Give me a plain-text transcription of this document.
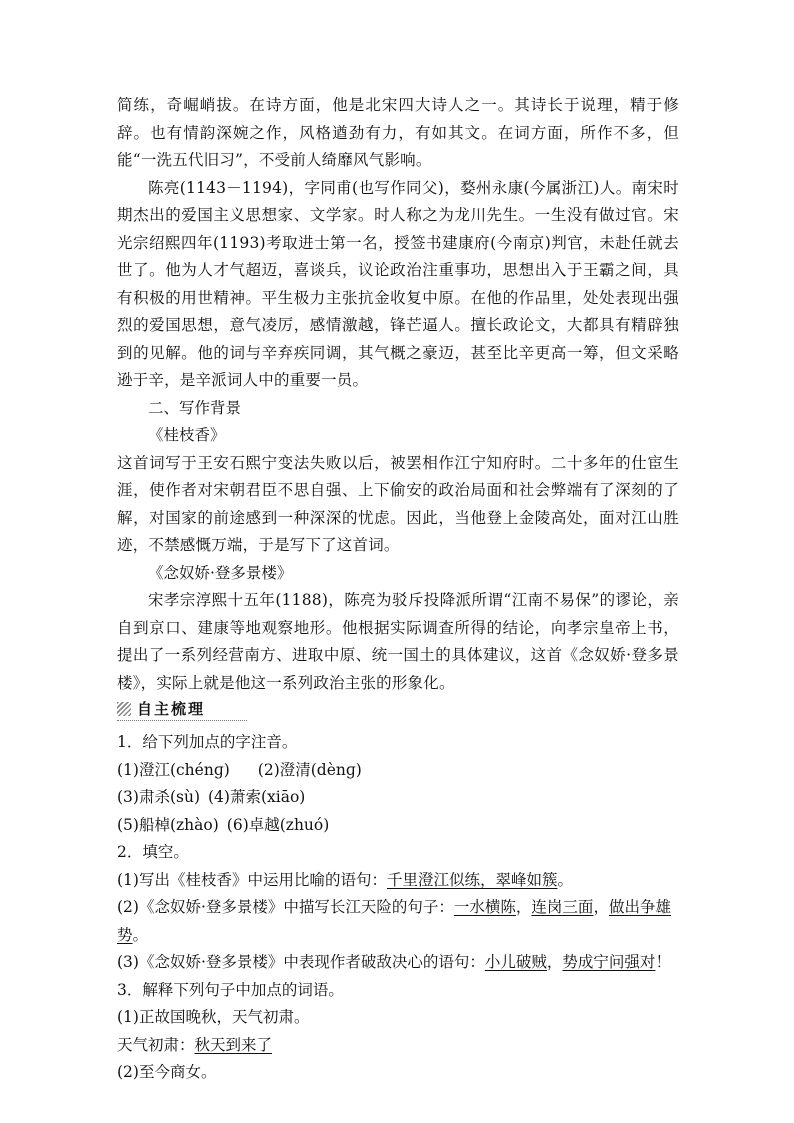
简练，奇崛峭拔。在诗方面，他是北宋四大诗人之一。其诗长于说理，精于修辞。也有情韵深婉之作，风格遒劲有力，有如其文。在词方面，所作不多，但能“一洗五代旧习”，不受前人绮靡风气影响。

陈亮(1143－1194)，字同甫(也写作同父)，婺州永康(今属浙江)人。南宋时期杰出的爱国主义思想家、文学家。时人称之为龙川先生。一生没有做过官。宋光宗绍熙四年(1193)考取进士第一名，授签书建康府(今南京)判官，未赴任就去世了。他为人才气超迈，喜谈兵，议论政治注重事功，思想出入于王霸之间，具有积极的用世精神。平生极力主张抗金收复中原。在他的作品里，处处表现出强烈的爱国思想，意气凌厉，感情激越，锋芒逼人。擅长政论文，大都具有精辟独到的见解。他的词与辛弃疾同调，其气概之豪迈，甚至比辛更高一筹，但文采略逊于辛，是辛派词人中的重要一员。

二、写作背景

《桂枝香》

这首词写于王安石熙宁变法失败以后，被罢相作江宁知府时。二十多年的仕宦生涯，使作者对宋朝君臣不思自强、上下偷安的政治局面和社会弊端有了深刻的了解，对国家的前途感到一种深深的忧虑。因此，当他登上金陵高处，面对江山胜迹，不禁感慨万端，于是写下了这首词。

《念奴娇·登多景楼》

宋孝宗淳熙十五年(1188)，陈亮为驳斥投降派所谓“江南不易保”的谬论，亲自到京口、建康等地观察地形。他根据实际调查所得的结论，向孝宗皇帝上书，提出了一系列经营南方、进取中原、统一国土的具体建议，这首《念奴娇·登多景楼》，实际上就是他这一系列政治主张的形象化。

自主梳理

1．给下列加点的字注音。

(1)澄江(chénɡ) (2)澄清(dènɡ)

(3)肃杀(sù) (4)萧索(xiāo)

(5)船棹(zhào) (6)卓越(zhuó)

2．填空。

(1)写出《桂枝香》中运用比喻的语句：千里澄江似练，翠峰如簇。

(2)《念奴娇·登多景楼》中描写长江天险的句子：一水横陈，连岗三面，做出争雄势。

(3)《念奴娇·登多景楼》中表现作者破敌决心的语句：小儿破贼，势成宁问强对！

3．解释下列句子中加点的词语。

(1)正故国晚秋，天气初肃。

天气初肃：秋天到来了

(2)至今商女。
